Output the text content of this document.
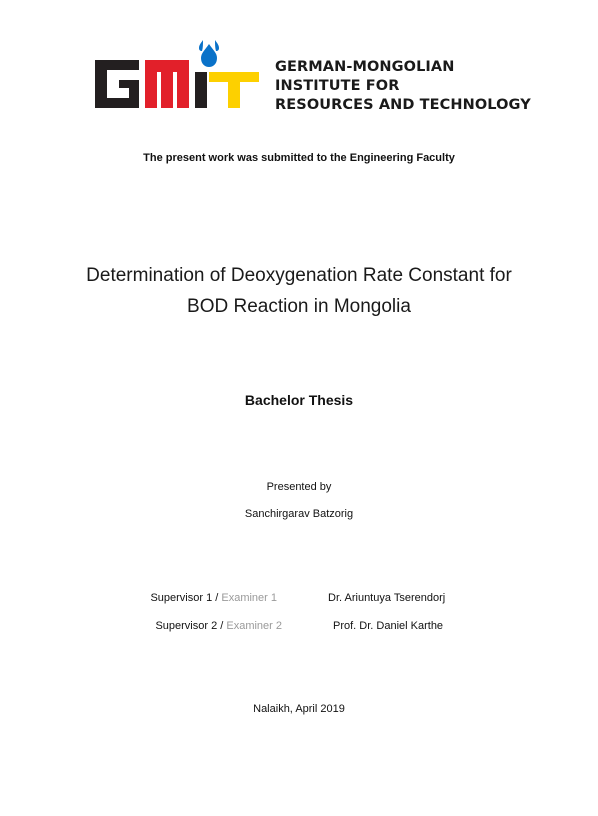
GERMAN-MONGOLIAN
INSTITUTE FOR
RESOURCES AND TECHNOLOGY
The present work was submitted to the Engineering Faculty
Determination of Deoxygenation Rate Constant for
BOD Reaction in Mongolia
Bachelor Thesis
Presented by
Sanchirgarav Batzorig
Supervisor 1 / Examiner 1	Dr. Ariuntuya Tserendorj
Supervisor 2 / Examiner 2	Prof. Dr. Daniel Karthe
Nalaikh, April 2019
